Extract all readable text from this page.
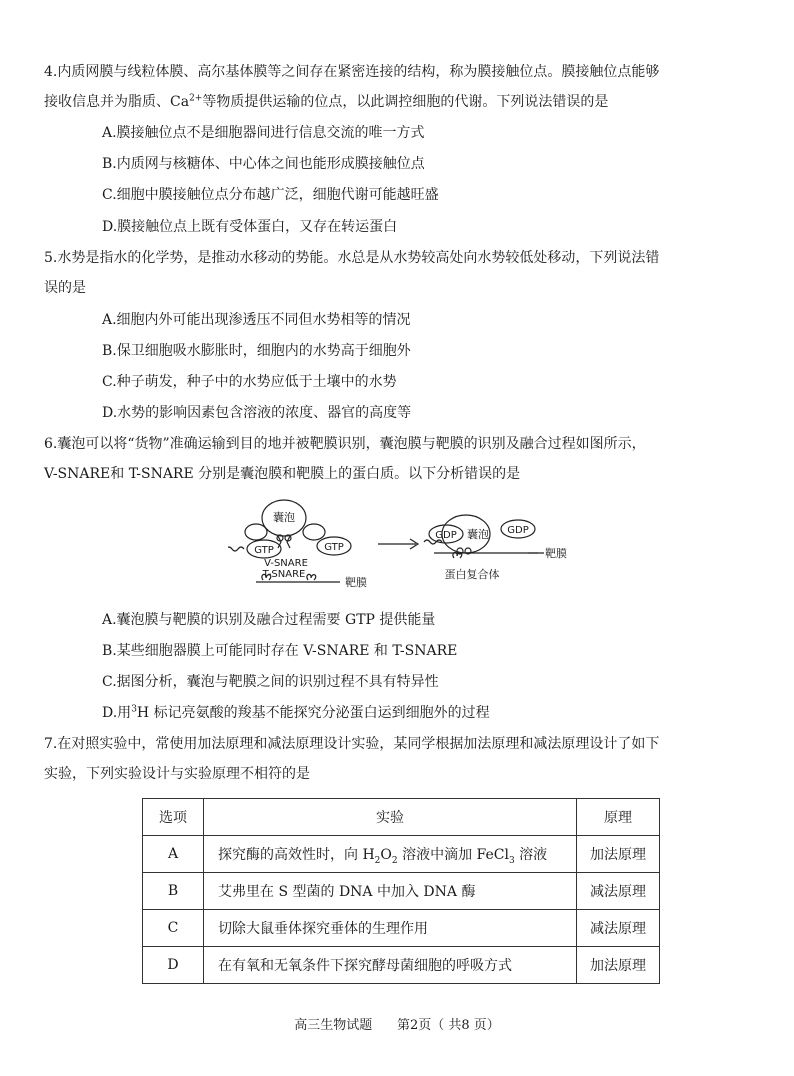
4.内质网膜与线粒体膜、高尔基体膜等之间存在紧密连接的结构，称为膜接触位点。膜接触位点能够
接收信息并为脂质、$Ca^{2+}$等物质提供运输的位点，以此调控细胞的代谢。下列说法错误的是
A.膜接触位点不是细胞器间进行信息交流的唯一方式
B.内质网与核糖体、中心体之间也能形成膜接触位点
C.细胞中膜接触位点分布越广泛，细胞代谢可能越旺盛
D.膜接触位点上既有受体蛋白，又存在转运蛋白
5.水势是指水的化学势，是推动水移动的势能。水总是从水势较高处向水势较低处移动，下列说法错
误的是
A.细胞内外可能出现渗透压不同但水势相等的情况
B.保卫细胞吸水膨胀时，细胞内的水势高于细胞外
C.种子萌发，种子中的水势应低于土壤中的水势
D.水势的影响因素包含溶液的浓度、器官的高度等
6.囊泡可以将“货物”准确运输到目的地并被靶膜识别，囊泡膜与靶膜的识别及融合过程如图所示，
V-SNARE和 T-SNARE 分别是囊泡膜和靶膜上的蛋白质。以下分析错误的是
囊泡
GTP	GTP
V-SNARE
T-SNARE
靶膜
GDP	GDP
囊泡
靶膜
蛋白复合体
A.囊泡膜与靶膜的识别及融合过程需要 GTP 提供能量
B.某些细胞器膜上可能同时存在 V-SNARE 和 T-SNARE
C.据图分析，囊泡与靶膜之间的识别过程不具有特异性
D.用$^3$H 标记亮氨酸的羧基不能探究分泌蛋白运到细胞外的过程
7.在对照实验中，常使用加法原理和减法原理设计实验，某同学根据加法原理和减法原理设计了如下
实验，下列实验设计与实验原理不相符的是
选项	实验	原理
A	探究酶的高效性时，向 $H_2O_2$ 溶液中滴加 FeCl$_3$ 溶液	加法原理
B	艾弗里在 S 型菌的 DNA 中加入 DNA 酶	减法原理
C	切除大鼠垂体探究垂体的生理作用	减法原理
D	在有氧和无氧条件下探究酵母菌细胞的呼吸方式	加法原理
高三生物试题 第2页（ 共8 页）
